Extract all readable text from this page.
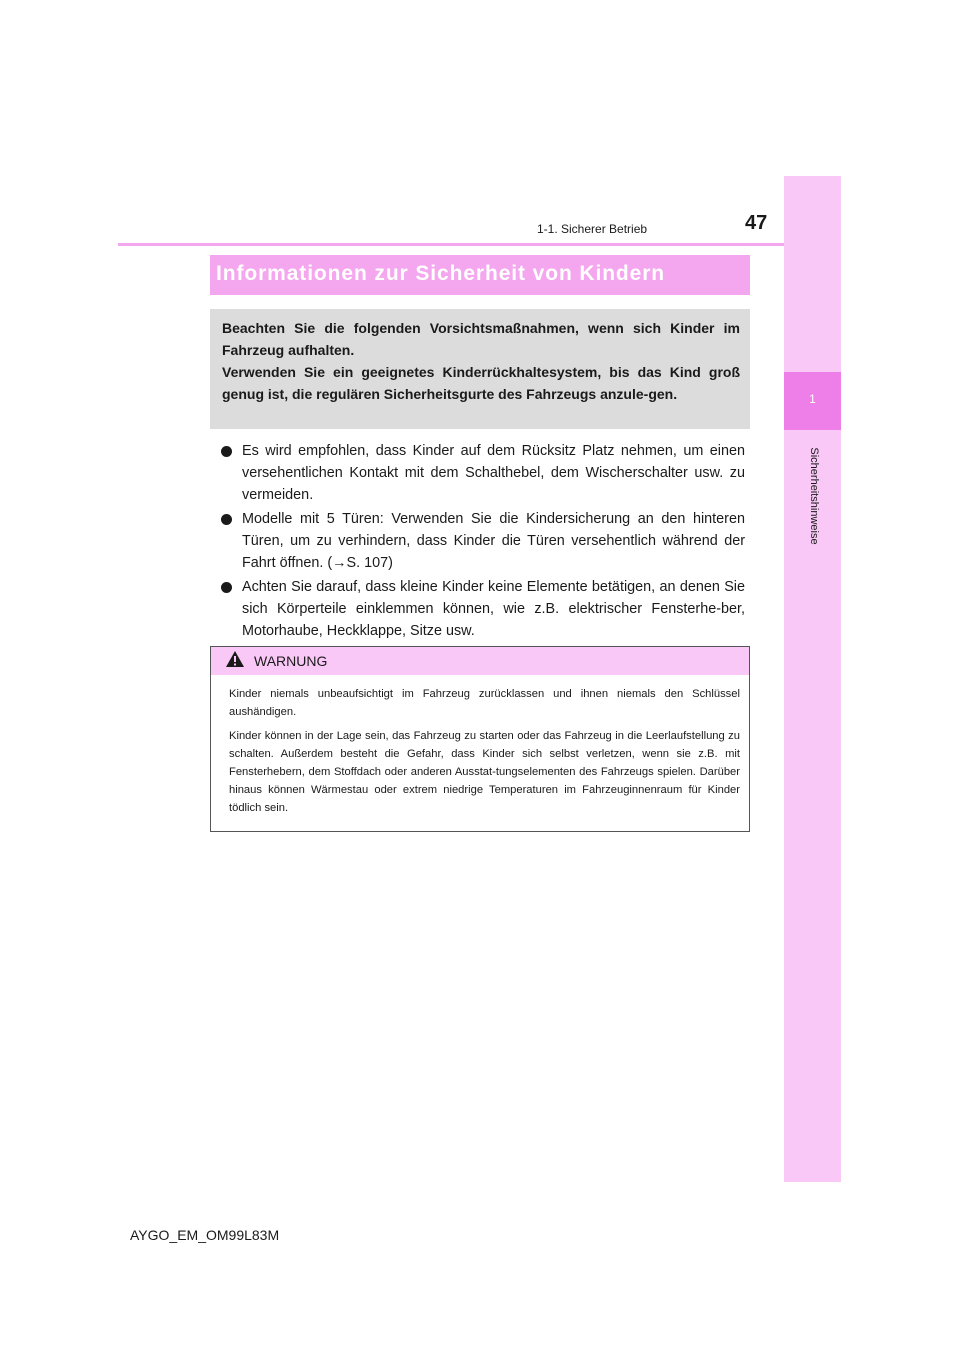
1-1. Sicherer Betrieb	47
1
Sicherheitshinweise
Informationen zur Sicherheit von Kindern
Beachten Sie die folgenden Vorsichtsmaßnahmen, wenn sich Kinder im Fahrzeug aufhalten.
Verwenden Sie ein geeignetes Kinderrückhaltesystem, bis das Kind groß genug ist, die regulären Sicherheitsgurte des Fahrzeugs anzule-gen.
Es wird empfohlen, dass Kinder auf dem Rücksitz Platz nehmen, um einen versehentlichen Kontakt mit dem Schalthebel, dem Wischerschalter usw. zu vermeiden.
Modelle mit 5 Türen: Verwenden Sie die Kindersicherung an den hinteren Türen, um zu verhindern, dass Kinder die Türen versehentlich während der Fahrt öffnen. (→S. 107)
Achten Sie darauf, dass kleine Kinder keine Elemente betätigen, an denen Sie sich Körperteile einklemmen können, wie z.B. elektrischer Fensterhe-ber, Motorhaube, Heckklappe, Sitze usw.
WARNUNG

Kinder niemals unbeaufsichtigt im Fahrzeug zurücklassen und ihnen niemals den Schlüssel aushändigen.

Kinder können in der Lage sein, das Fahrzeug zu starten oder das Fahrzeug in die Leerlaufstellung zu schalten. Außerdem besteht die Gefahr, dass Kinder sich selbst verletzen, wenn sie z.B. mit Fensterhebern, dem Stoffdach oder anderen Ausstat-tungselementen des Fahrzeugs spielen. Darüber hinaus können Wärmestau oder extrem niedrige Temperaturen im Fahrzeuginnenraum für Kinder tödlich sein.

AYGO_EM_OM99L83M
